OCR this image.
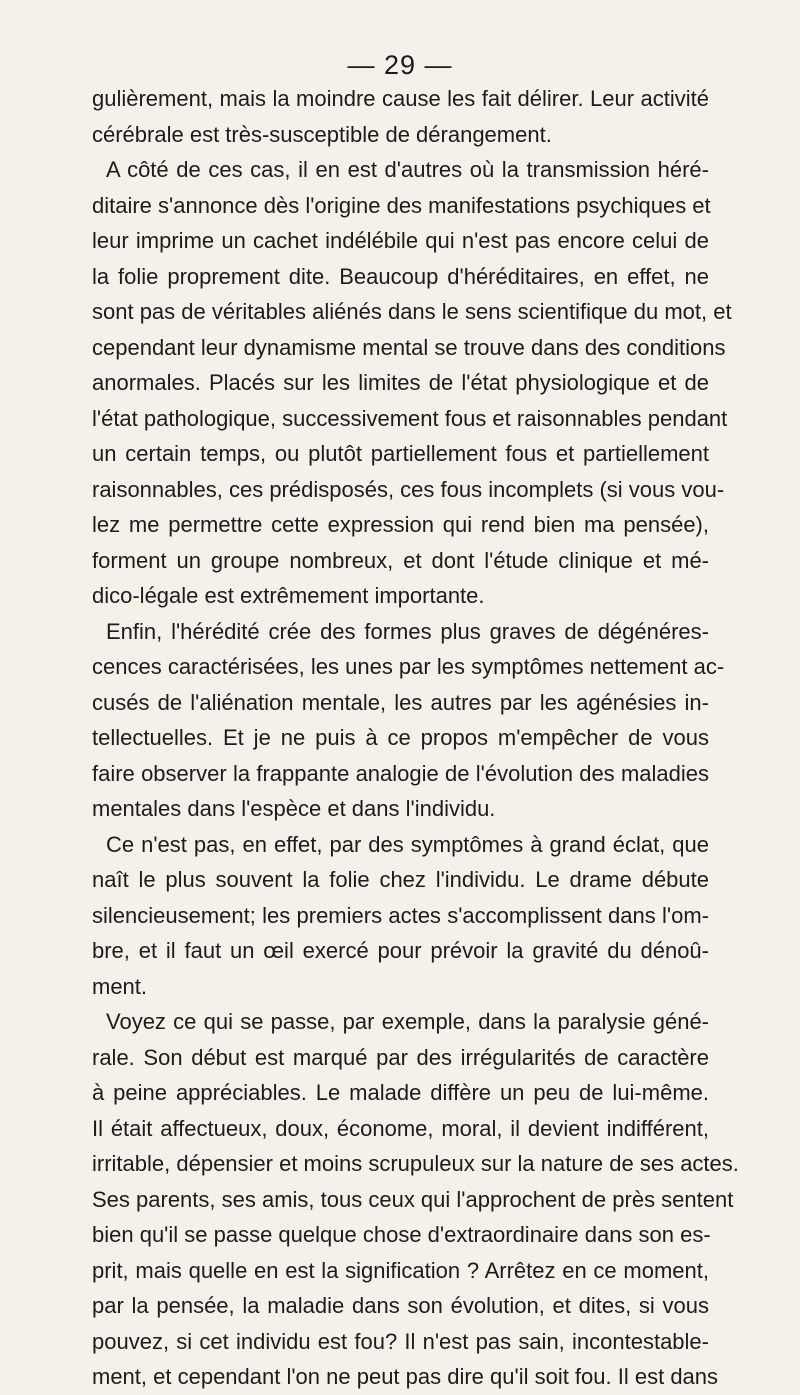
— 29 —
gulièrement, mais la moindre cause les fait délirer. Leur activité
cérébrale est très-susceptible de dérangement.
A côté de ces cas, il en est d'autres où la transmission héré-
ditaire s'annonce dès l'origine des manifestations psychiques et
leur imprime un cachet indélébile qui n'est pas encore celui de
la folie proprement dite. Beaucoup d'héréditaires, en effet, ne
sont pas de véritables aliénés dans le sens scientifique du mot, et
cependant leur dynamisme mental se trouve dans des conditions
anormales. Placés sur les limites de l'état physiologique et de
l'état pathologique, successivement fous et raisonnables pendant
un certain temps, ou plutôt partiellement fous et partiellement
raisonnables, ces prédisposés, ces fous incomplets (si vous vou-
lez me permettre cette expression qui rend bien ma pensée),
forment un groupe nombreux, et dont l'étude clinique et mé-
dico-légale est extrêmement importante.
Enfin, l'hérédité crée des formes plus graves de dégénéres-
cences caractérisées, les unes par les symptômes nettement ac-
cusés de l'aliénation mentale, les autres par les agénésies in-
tellectuelles. Et je ne puis à ce propos m'empêcher de vous
faire observer la frappante analogie de l'évolution des maladies
mentales dans l'espèce et dans l'individu.
Ce n'est pas, en effet, par des symptômes à grand éclat, que
naît le plus souvent la folie chez l'individu. Le drame débute
silencieusement; les premiers actes s'accomplissent dans l'om-
bre, et il faut un œil exercé pour prévoir la gravité du dénoû-
ment.
Voyez ce qui se passe, par exemple, dans la paralysie géné-
rale. Son début est marqué par des irrégularités de caractère
à peine appréciables. Le malade diffère un peu de lui-même.
Il était affectueux, doux, économe, moral, il devient indifférent,
irritable, dépensier et moins scrupuleux sur la nature de ses actes.
Ses parents, ses amis, tous ceux qui l'approchent de près sentent
bien qu'il se passe quelque chose d'extraordinaire dans son es-
prit, mais quelle en est la signification ? Arrêtez en ce moment,
par la pensée, la maladie dans son évolution, et dites, si vous
pouvez, si cet individu est fou? Il n'est pas sain, incontestable-
ment, et cependant l'on ne peut pas dire qu'il soit fou. Il est dans
